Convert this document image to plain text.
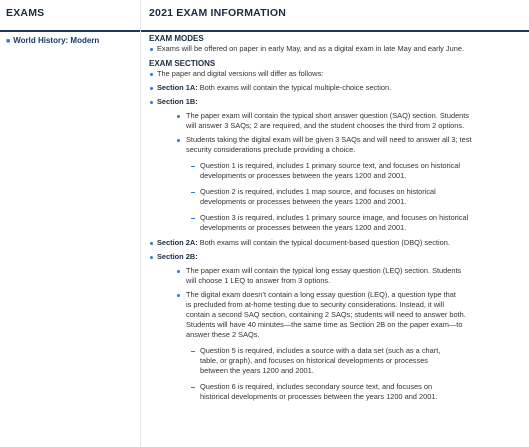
EXAMS	2021 EXAM INFORMATION
■ World History: Modern	EXAM MODES
Exams will be offered on paper in early May, and as a digital exam in late May and early June.
EXAM SECTIONS
The paper and digital versions will differ as follows:
Section 1A: Both exams will contain the typical multiple-choice section.
Section 1B:
The paper exam will contain the typical short answer question (SAQ) section. Students
will answer 3 SAQs; 2 are required, and the student chooses the third from 2 options.
Students taking the digital exam will be given 3 SAQs and will need to answer all 3; test
security considerations preclude providing a choice.
Question 1 is required, includes 1 primary source text, and focuses on historical
developments or processes between the years 1200 and 2001.
Question 2 is required, includes 1 map source, and focuses on historical
developments or processes between the years 1200 and 2001.
Question 3 is required, includes 1 primary source image, and focuses on historical
developments or processes between the years 1200 and 2001.
Section 2A: Both exams will contain the typical document-based question (DBQ) section.
Section 2B:
The paper exam will contain the typical long essay question (LEQ) section. Students
will choose 1 LEQ to answer from 3 options.
The digital exam doesn’t contain a long essay question (LEQ), a question type that
is precluded from at-home testing due to security considerations. Instead, it will
contain a second SAQ section, containing 2 SAQs; students will need to answer both.
Students will have 40 minutes—the same time as Section 2B on the paper exam—to
answer these 2 SAQs.
Question 5 is required, includes a source with a data set (such as a chart,
table, or graph), and focuses on historical developments or processes
between the years 1200 and 2001.
Question 6 is required, includes secondary source text, and focuses on
historical developments or processes between the years 1200 and 2001.
